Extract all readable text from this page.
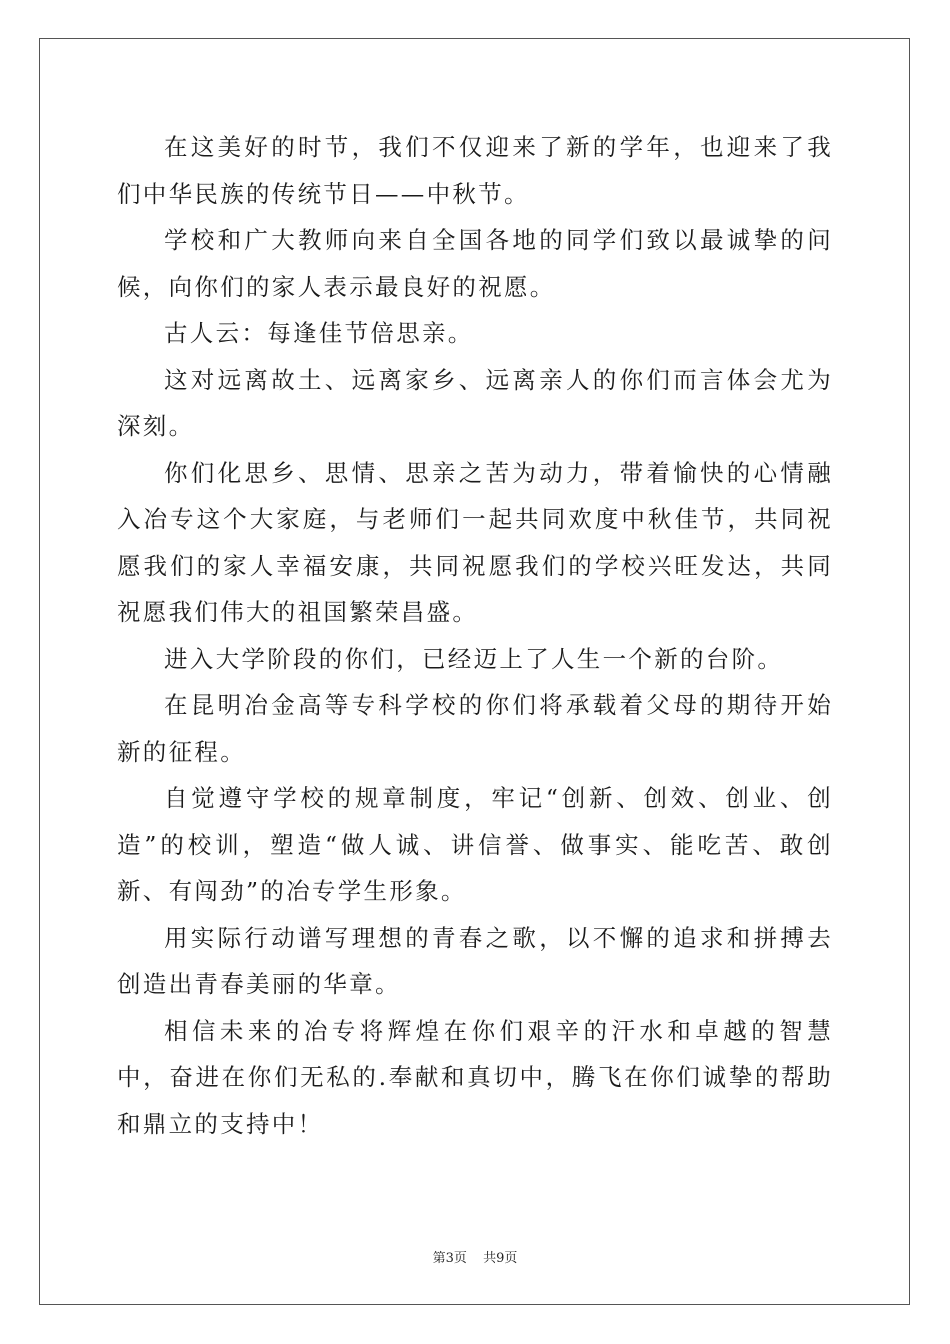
在这美好的时节，我们不仅迎来了新的学年，也迎来了我们中华民族的传统节日——中秋节。

学校和广大教师向来自全国各地的同学们致以最诚挚的问候，向你们的家人表示最良好的祝愿。

古人云：每逢佳节倍思亲。

这对远离故土、远离家乡、远离亲人的你们而言体会尤为深刻。

你们化思乡、思情、思亲之苦为动力，带着愉快的心情融入冶专这个大家庭，与老师们一起共同欢度中秋佳节，共同祝愿我们的家人幸福安康，共同祝愿我们的学校兴旺发达，共同祝愿我们伟大的祖国繁荣昌盛。

进入大学阶段的你们，已经迈上了人生一个新的台阶。

在昆明冶金高等专科学校的你们将承载着父母的期待开始新的征程。

自觉遵守学校的规章制度，牢记“创新、创效、创业、创造”的校训，塑造“做人诚、讲信誉、做事实、能吃苦、敢创新、有闯劲”的冶专学生形象。

用实际行动谱写理想的青春之歌，以不懈的追求和拼搏去创造出青春美丽的华章。

相信未来的冶专将辉煌在你们艰辛的汗水和卓越的智慧中，奋进在你们无私的.奉献和真切中，腾飞在你们诚挚的帮助和鼎立的支持中！

第3页 共9页
